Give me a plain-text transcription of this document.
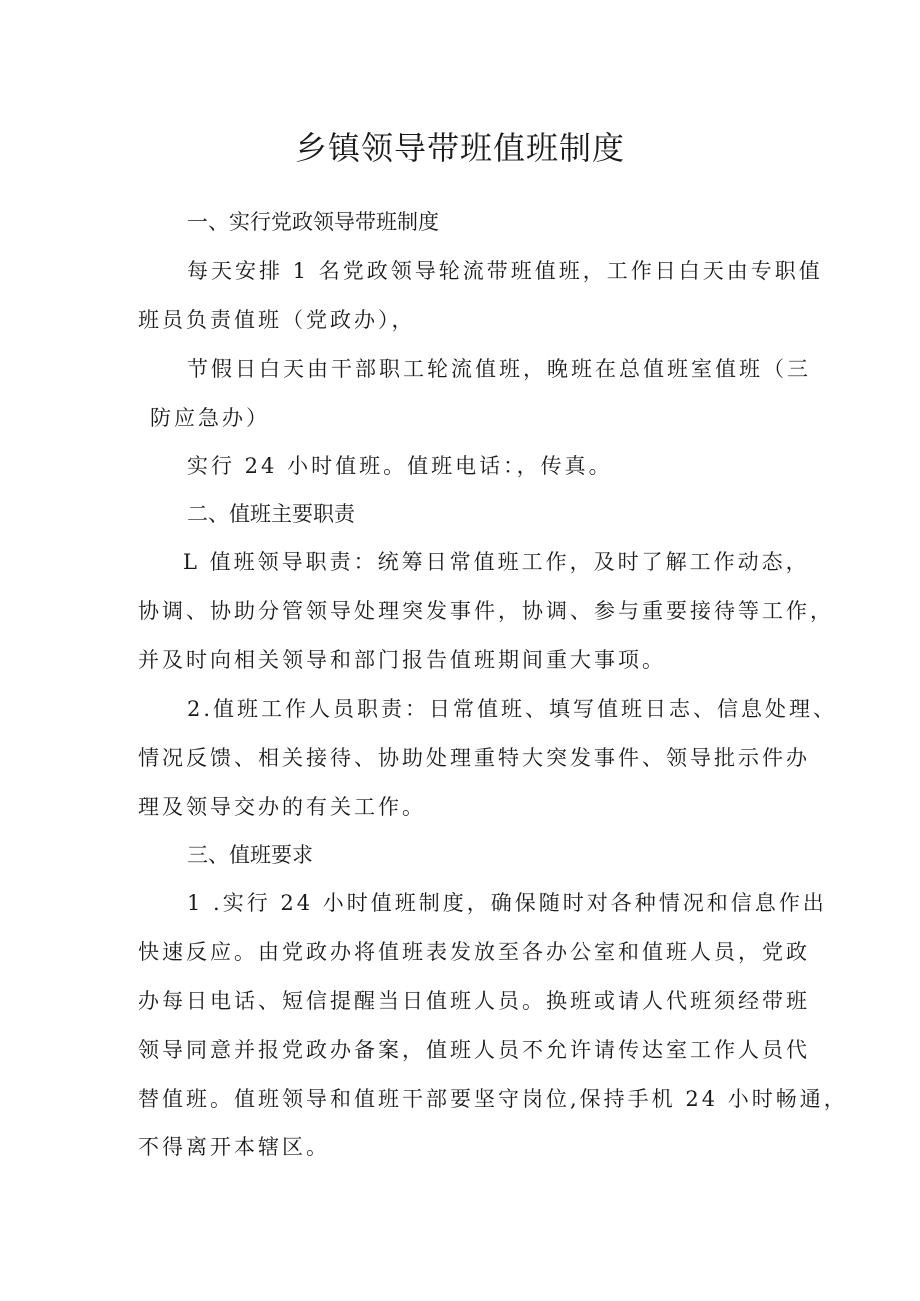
乡镇领导带班值班制度
一、实行党政领导带班制度

每天安排 1 名党政领导轮流带班值班，工作日白天由专职值

班员负责值班（党政办），

节假日白天由干部职工轮流值班，晚班在总值班室值班（三

防应急办）

实行 24 小时值班。值班电话：，传真。

二、值班主要职责

L 值班领导职责：统筹日常值班工作，及时了解工作动态，

协调、协助分管领导处理突发事件，协调、参与重要接待等工作，

并及时向相关领导和部门报告值班期间重大事项。

2.值班工作人员职责：日常值班、填写值班日志、信息处理、

情况反馈、相关接待、协助处理重特大突发事件、领导批示件办

理及领导交办的有关工作。

三、值班要求

1 .实行 24 小时值班制度，确保随时对各种情况和信息作出

快速反应。由党政办将值班表发放至各办公室和值班人员，党政

办每日电话、短信提醒当日值班人员。换班或请人代班须经带班

领导同意并报党政办备案，值班人员不允许请传达室工作人员代

替值班。值班领导和值班干部要坚守岗位,保持手机 24 小时畅通，

不得离开本辖区。
